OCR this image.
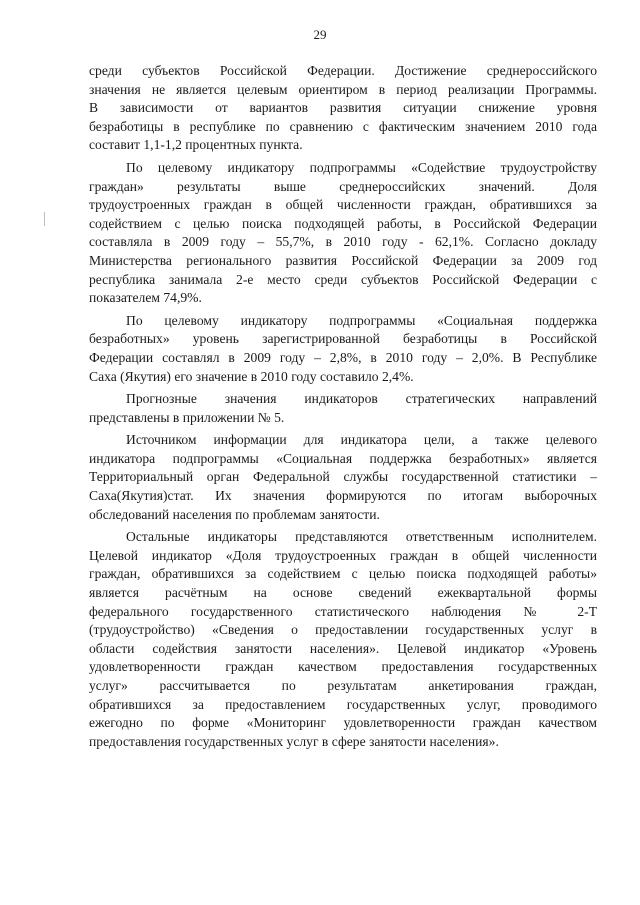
29
среди субъектов Российской Федерации. Достижение среднероссийского
значения не является целевым ориентиром в период реализации Программы.
В зависимости от вариантов развития ситуации снижение уровня
безработицы в республике по сравнению с фактическим значением 2010 года
составит 1,1-1,2 процентных пункта.
По целевому индикатору подпрограммы «Содействие трудоустройству
граждан» результаты выше среднероссийских значений. Доля
трудоустроенных граждан в общей численности граждан, обратившихся за
содействием с целью поиска подходящей работы, в Российской Федерации
составляла в 2009 году – 55,7%, в 2010 году - 62,1%. Согласно докладу
Министерства регионального развития Российской Федерации за 2009 год
республика занимала 2-е место среди субъектов Российской Федерации с
показателем 74,9%.
По целевому индикатору подпрограммы «Социальная поддержка
безработных» уровень зарегистрированной безработицы в Российской
Федерации составлял в 2009 году – 2,8%, в 2010 году – 2,0%. В Республике
Саха (Якутия) его значение в 2010 году составило 2,4%.
Прогнозные значения индикаторов стратегических направлений
представлены в приложении № 5.
Источником информации для индикатора цели, а также целевого
индикатора подпрограммы «Социальная поддержка безработных» является
Территориальный орган Федеральной службы государственной статистики –
Саха(Якутия)стат. Их значения формируются по итогам выборочных
обследований населения по проблемам занятости.
Остальные индикаторы представляются ответственным исполнителем.
Целевой индикатор «Доля трудоустроенных граждан в общей численности
граждан, обратившихся за содействием с целью поиска подходящей работы»
является расчётным на основе сведений ежеквартальной формы
федерального государственного статистического наблюдения № 2-Т
(трудоустройство) «Сведения о предоставлении государственных услуг в
области содействия занятости населения». Целевой индикатор «Уровень
удовлетворенности граждан качеством предоставления государственных
услуг» рассчитывается по результатам анкетирования граждан,
обратившихся за предоставлением государственных услуг, проводимого
ежегодно по форме «Мониторинг удовлетворенности граждан качеством
предоставления государственных услуг в сфере занятости населения».
